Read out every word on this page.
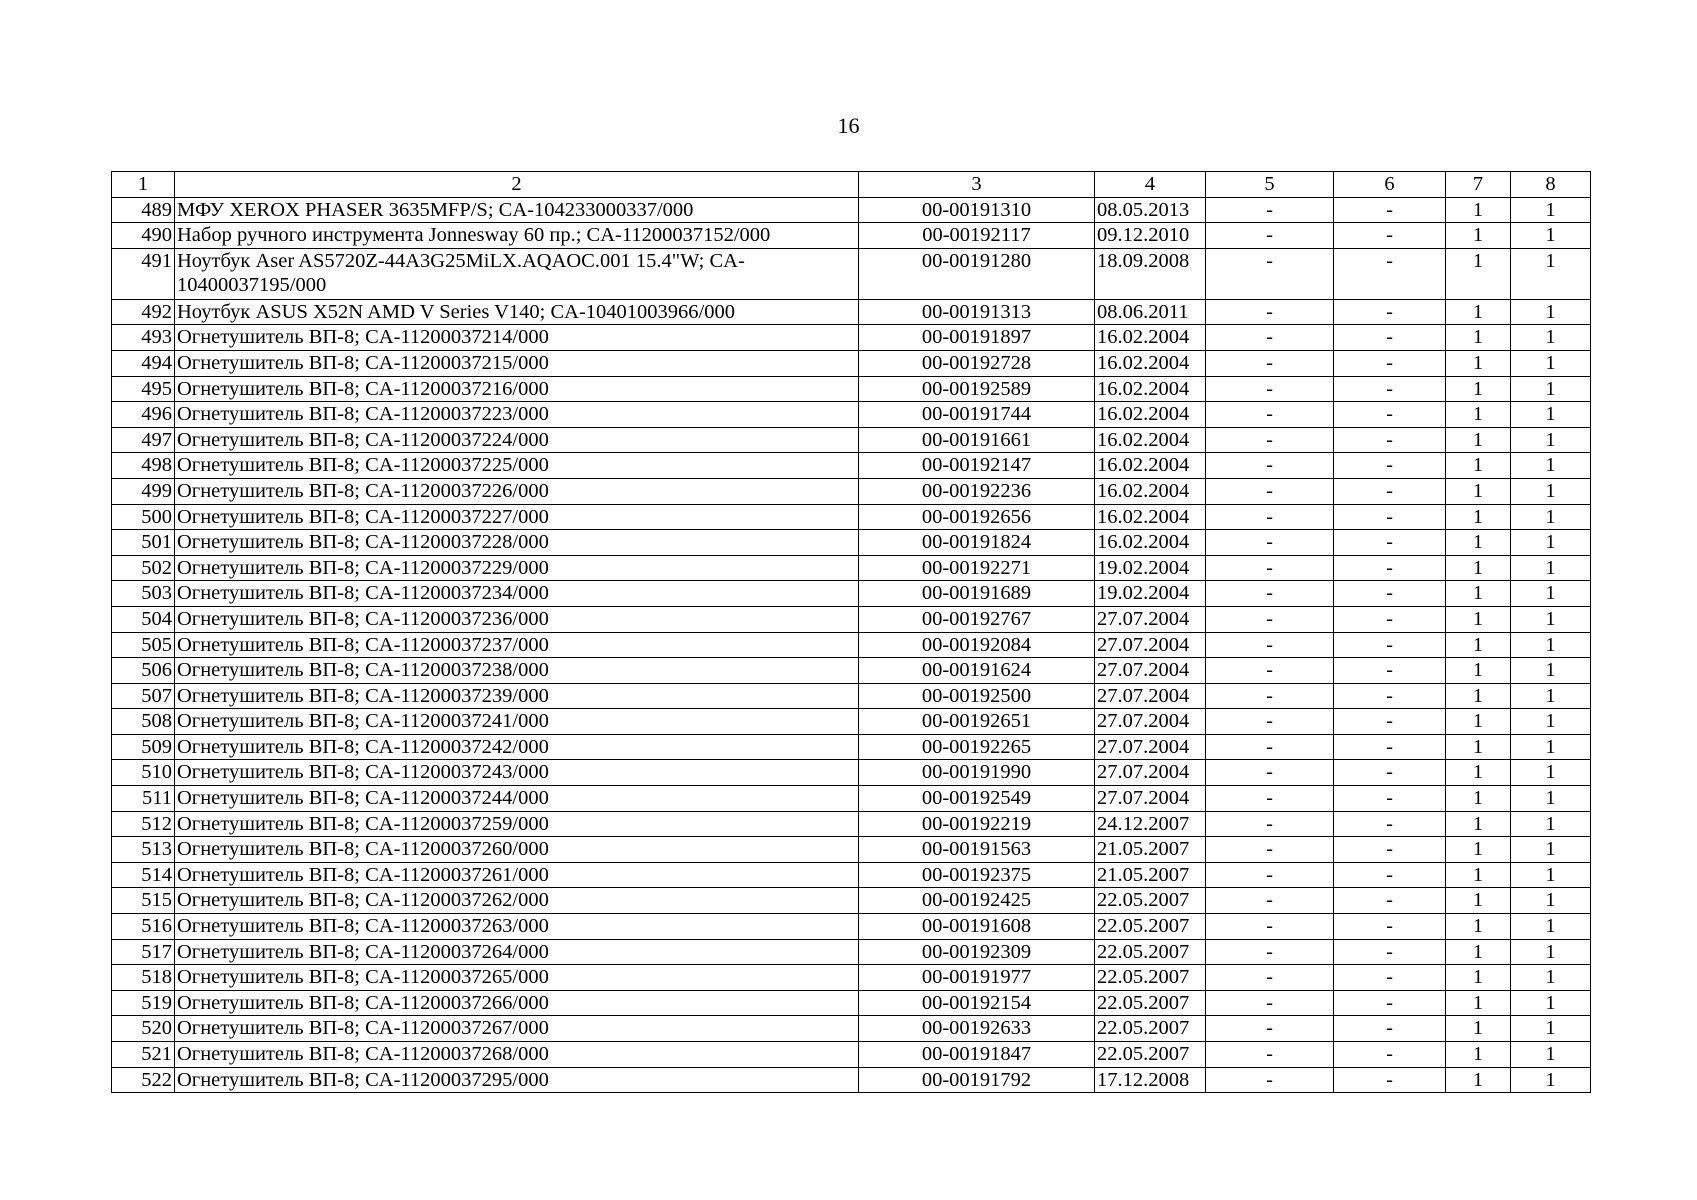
16
1	2	3	4	5	6	7	8
489	МФУ XEROX PHASER 3635MFP/S; CA-104233000337/000	00-00191310	08.05.2013	-	-	1	1
490	Набор ручного инструмента Jonnesway 60 пр.; CA-11200037152/000	00-00192117	09.12.2010	-	-	1	1
491	Ноутбук Aser AS5720Z-44A3G25MiLX.AQAOC.001 15.4"W; CA-10400037195/000	00-00191280	18.09.2008	-	-	1	1
492	Ноутбук ASUS X52N AMD V Series V140; CA-10401003966/000	00-00191313	08.06.2011	-	-	1	1
493	Огнетушитель ВП-8; CA-11200037214/000	00-00191897	16.02.2004	-	-	1	1
494	Огнетушитель ВП-8; CA-11200037215/000	00-00192728	16.02.2004	-	-	1	1
495	Огнетушитель ВП-8; CA-11200037216/000	00-00192589	16.02.2004	-	-	1	1
496	Огнетушитель ВП-8; CA-11200037223/000	00-00191744	16.02.2004	-	-	1	1
497	Огнетушитель ВП-8; CA-11200037224/000	00-00191661	16.02.2004	-	-	1	1
498	Огнетушитель ВП-8; CA-11200037225/000	00-00192147	16.02.2004	-	-	1	1
499	Огнетушитель ВП-8; CA-11200037226/000	00-00192236	16.02.2004	-	-	1	1
500	Огнетушитель ВП-8; CA-11200037227/000	00-00192656	16.02.2004	-	-	1	1
501	Огнетушитель ВП-8; CA-11200037228/000	00-00191824	16.02.2004	-	-	1	1
502	Огнетушитель ВП-8; CA-11200037229/000	00-00192271	19.02.2004	-	-	1	1
503	Огнетушитель ВП-8; CA-11200037234/000	00-00191689	19.02.2004	-	-	1	1
504	Огнетушитель ВП-8; CA-11200037236/000	00-00192767	27.07.2004	-	-	1	1
505	Огнетушитель ВП-8; CA-11200037237/000	00-00192084	27.07.2004	-	-	1	1
506	Огнетушитель ВП-8; CA-11200037238/000	00-00191624	27.07.2004	-	-	1	1
507	Огнетушитель ВП-8; CA-11200037239/000	00-00192500	27.07.2004	-	-	1	1
508	Огнетушитель ВП-8; CA-11200037241/000	00-00192651	27.07.2004	-	-	1	1
509	Огнетушитель ВП-8; CA-11200037242/000	00-00192265	27.07.2004	-	-	1	1
510	Огнетушитель ВП-8; CA-11200037243/000	00-00191990	27.07.2004	-	-	1	1
511	Огнетушитель ВП-8; CA-11200037244/000	00-00192549	27.07.2004	-	-	1	1
512	Огнетушитель ВП-8; CA-11200037259/000	00-00192219	24.12.2007	-	-	1	1
513	Огнетушитель ВП-8; CA-11200037260/000	00-00191563	21.05.2007	-	-	1	1
514	Огнетушитель ВП-8; CA-11200037261/000	00-00192375	21.05.2007	-	-	1	1
515	Огнетушитель ВП-8; CA-11200037262/000	00-00192425	22.05.2007	-	-	1	1
516	Огнетушитель ВП-8; CA-11200037263/000	00-00191608	22.05.2007	-	-	1	1
517	Огнетушитель ВП-8; CA-11200037264/000	00-00192309	22.05.2007	-	-	1	1
518	Огнетушитель ВП-8; CA-11200037265/000	00-00191977	22.05.2007	-	-	1	1
519	Огнетушитель ВП-8; CA-11200037266/000	00-00192154	22.05.2007	-	-	1	1
520	Огнетушитель ВП-8; CA-11200037267/000	00-00192633	22.05.2007	-	-	1	1
521	Огнетушитель ВП-8; CA-11200037268/000	00-00191847	22.05.2007	-	-	1	1
522	Огнетушитель ВП-8; CA-11200037295/000	00-00191792	17.12.2008	-	-	1	1
